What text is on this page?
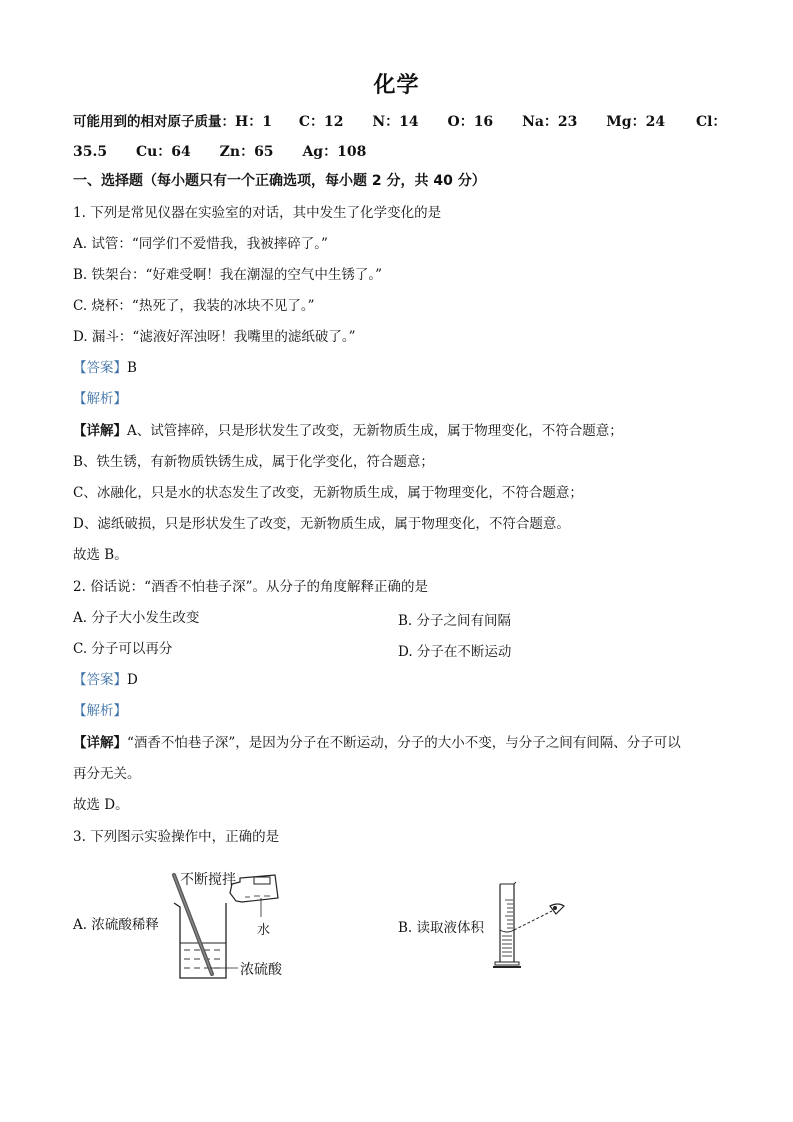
化学
可能用到的相对原子质量：H：1 C：12 N：14 O：16 Na：23 Mg：24 Cl：
35.5 Cu：64 Zn：65 Ag：108
一、选择题（每小题只有一个正确选项，每小题 2 分，共 40 分）
1. 下列是常见仪器在实验室的对话，其中发生了化学变化的是
A. 试管：“同学们不爱惜我，我被摔碎了。”
B. 铁架台：“好难受啊！我在潮湿的空气中生锈了。”
C. 烧杯：“热死了，我装的冰块不见了。”
D. 漏斗：“滤液好浑浊呀！我嘴里的滤纸破了。”
【答案】B
【解析】
【详解】A、试管摔碎，只是形状发生了改变，无新物质生成，属于物理变化，不符合题意；
B、铁生锈，有新物质铁锈生成，属于化学变化，符合题意；
C、冰融化，只是水的状态发生了改变，无新物质生成，属于物理变化，不符合题意；
D、滤纸破损，只是形状发生了改变，无新物质生成，属于物理变化，不符合题意。
故选 B。
2. 俗话说：“酒香不怕巷子深”。从分子的角度解释正确的是
A. 分子大小发生改变	B. 分子之间有间隔
C. 分子可以再分	D. 分子在不断运动
【答案】D
【解析】
【详解】“酒香不怕巷子深”，是因为分子在不断运动，分子的大小不变，与分子之间有间隔、分子可以
再分无关。
故选 D。
3. 下列图示实验操作中，正确的是
A. 浓硫酸稀释	水
不断搅拌
浓硫酸
B. 读取液体积
